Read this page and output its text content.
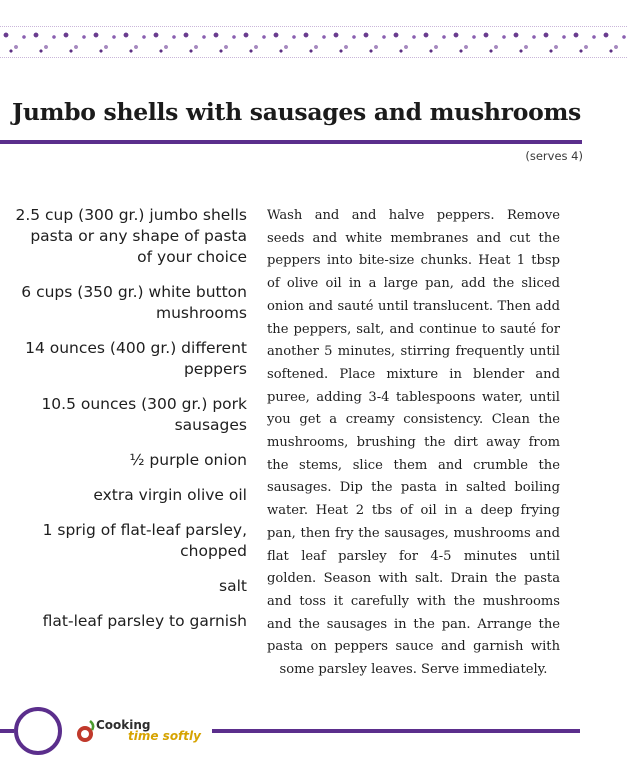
Jumbo shells with sausages and mushrooms
(serves 4)
2.5 cup (300 gr.) jumbo shells pasta or any shape of pasta of your choice
6 cups (350 gr.) white button mushrooms
14 ounces (400 gr.) different peppers
10.5 ounces (300 gr.) pork sausages
½ purple onion
extra virgin olive oil
1 sprig of flat-leaf parsley, chopped
salt
flat-leaf parsley to garnish

Wash and and halve peppers. Remove seeds and white membranes and cut the peppers into bite-size chunks. Heat 1 tbsp of olive oil in a large pan, add the sliced onion and sauté until translucent. Then add the peppers, salt, and continue to sauté for another 5 minutes, stirring frequently until softened. Place mixture in blender and puree, adding 3-4 tablespoons water, until you get a creamy consistency. Clean the mushrooms, brushing the dirt away from the stems, slice them and crumble the sausages. Dip the pasta in salted boiling water. Heat 2 tbs of oil in a deep frying pan, then fry the sausages, mushrooms and flat leaf parsley for 4-5 minutes until golden. Season with salt. Drain the pasta and toss it carefully with the mushrooms and the sausages in the pan. Arrange the pasta on peppers sauce and garnish with some parsley leaves. Serve immediately.

Cooking
time softly
